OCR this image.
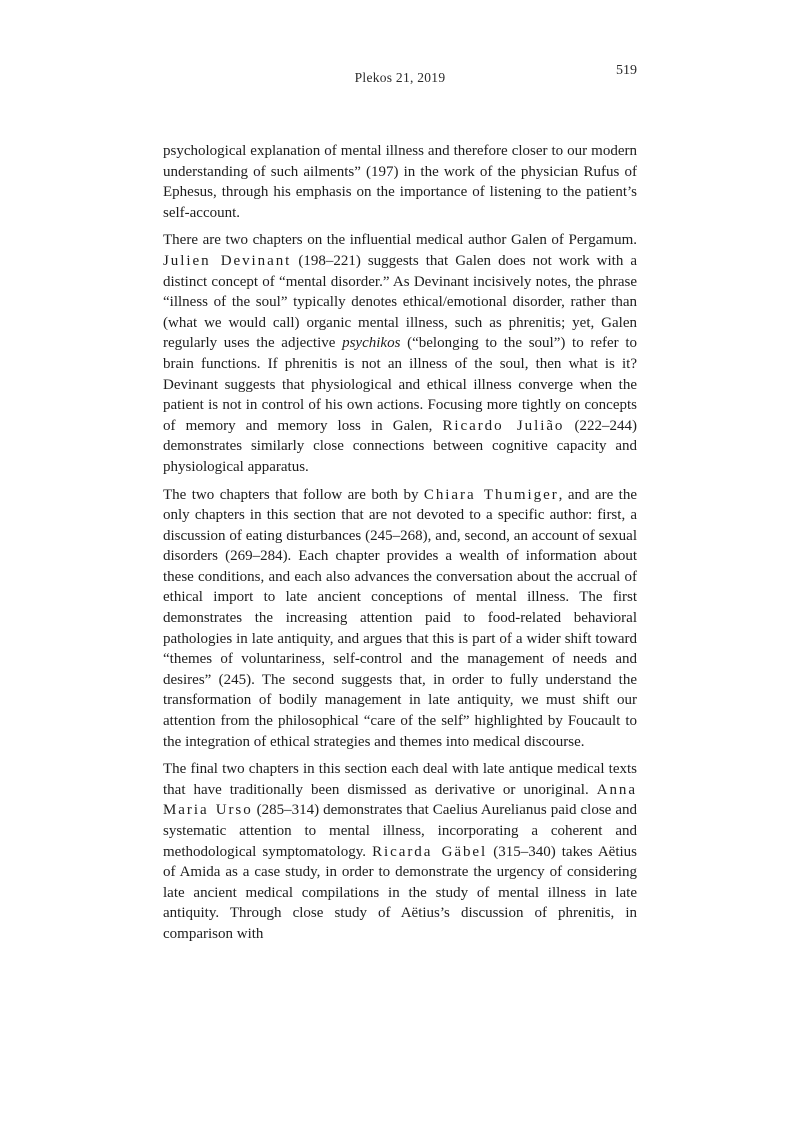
Plekos 21, 2019	519

psychological explanation of mental illness and therefore closer to our modern understanding of such ailments” (197) in the work of the physician Rufus of Ephesus, through his emphasis on the importance of listening to the patient’s self-account.

There are two chapters on the influential medical author Galen of Pergamum. Julien Devinant (198–221) suggests that Galen does not work with a distinct concept of “mental disorder.” As Devinant incisively notes, the phrase “illness of the soul” typically denotes ethical/emotional disorder, rather than (what we would call) organic mental illness, such as phrenitis; yet, Galen regularly uses the adjective psychikos (“belonging to the soul”) to refer to brain functions. If phrenitis is not an illness of the soul, then what is it? Devinant suggests that physiological and ethical illness converge when the patient is not in control of his own actions. Focusing more tightly on concepts of memory and memory loss in Galen, Ricardo Julião (222–244) demonstrates similarly close connections between cognitive capacity and physiological apparatus.

The two chapters that follow are both by Chiara Thumiger, and are the only chapters in this section that are not devoted to a specific author: first, a discussion of eating disturbances (245–268), and, second, an account of sexual disorders (269–284). Each chapter provides a wealth of information about these conditions, and each also advances the conversation about the accrual of ethical import to late ancient conceptions of mental illness. The first demonstrates the increasing attention paid to food-related behavioral pathologies in late antiquity, and argues that this is part of a wider shift toward “themes of voluntariness, self-control and the management of needs and desires” (245). The second suggests that, in order to fully understand the transformation of bodily management in late antiquity, we must shift our attention from the philosophical “care of the self” highlighted by Foucault to the integration of ethical strategies and themes into medical discourse.

The final two chapters in this section each deal with late antique medical texts that have traditionally been dismissed as derivative or unoriginal. Anna Maria Urso (285–314) demonstrates that Caelius Aurelianus paid close and systematic attention to mental illness, incorporating a coherent and methodological symptomatology. Ricarda Gäbel (315–340) takes Aëtius of Amida as a case study, in order to demonstrate the urgency of considering late ancient medical compilations in the study of mental illness in late antiquity. Through close study of Aëtius’s discussion of phrenitis, in comparison with
